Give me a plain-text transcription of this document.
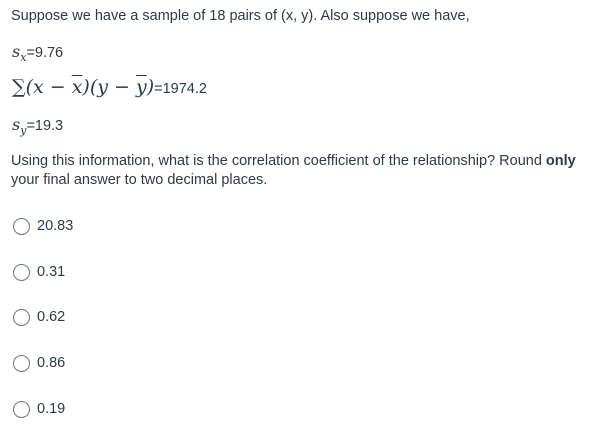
Suppose we have a sample of 18 pairs of (x, y). Also suppose we have,
$s_x=9.76$
$\sum(x - \overline{x})(y - \overline{y})=1974.2$
$s_y=19.3$
Using this information, what is the correlation coefficient of the relationship? Round only your final answer to two decimal places.
20.83
0.31
0.62
0.86
0.19
